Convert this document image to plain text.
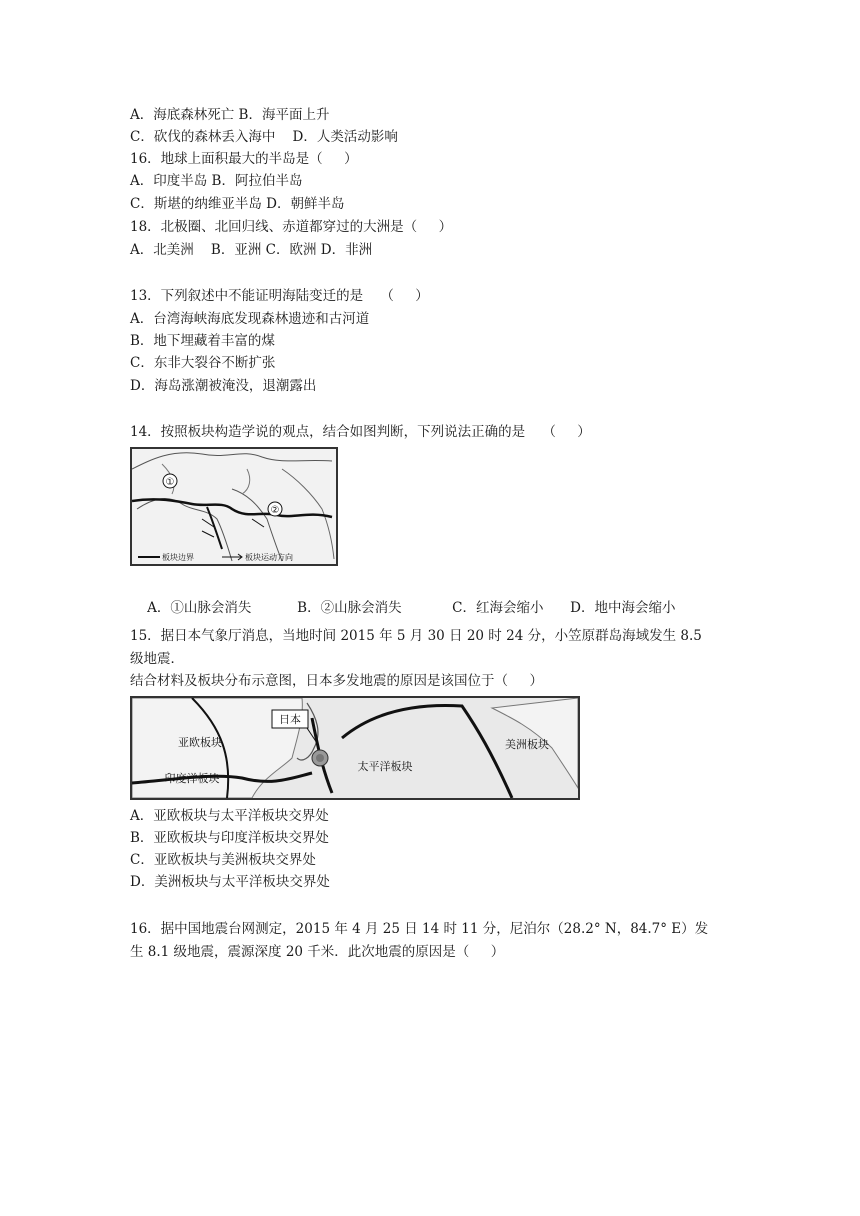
A．海底森林死亡 B．海平面上升
C．砍伐的森林丢入海中    D．人类活动影响
16．地球上面积最大的半岛是（     ）
A．印度半岛 B．阿拉伯半岛
C．斯堪的纳维亚半岛 D．朝鲜半岛
18．北极圈、北回归线、赤道都穿过的大洲是（     ）
A．北美洲    B．亚洲 C．欧洲 D．非洲
13．下列叙述中不能证明海陆变迁的是    （     ）
A．台湾海峡海底发现森林遗迹和古河道
B．地下埋藏着丰富的煤
C．东非大裂谷不断扩张
D．海岛涨潮被淹没，退潮露出
14．按照板块构造学说的观点，结合如图判断，下列说法正确的是    （     ）
①
②
板块边界	板块运动方向

A．①山脉会消失	B．②山脉会消失	C．红海会缩小 D．地中海会缩小

15．据日本气象厅消息，当地时间 2015 年 5 月 30 日 20 时 24 分，小笠原群岛海域发生 8.5
级地震．
结合材料及板块分布示意图，日本多发地震的原因是该国位于（     ）
日本
亚欧板块
印度洋板块
太平洋板块
美洲板块
A．亚欧板块与太平洋板块交界处
B．亚欧板块与印度洋板块交界处
C．亚欧板块与美洲板块交界处
D．美洲板块与太平洋板块交界处
16．据中国地震台网测定，2015 年 4 月 25 日 14 时 11 分，尼泊尔（28.2° N，84.7° E）发
生 8.1 级地震，震源深度 20 千米．此次地震的原因是（     ）
